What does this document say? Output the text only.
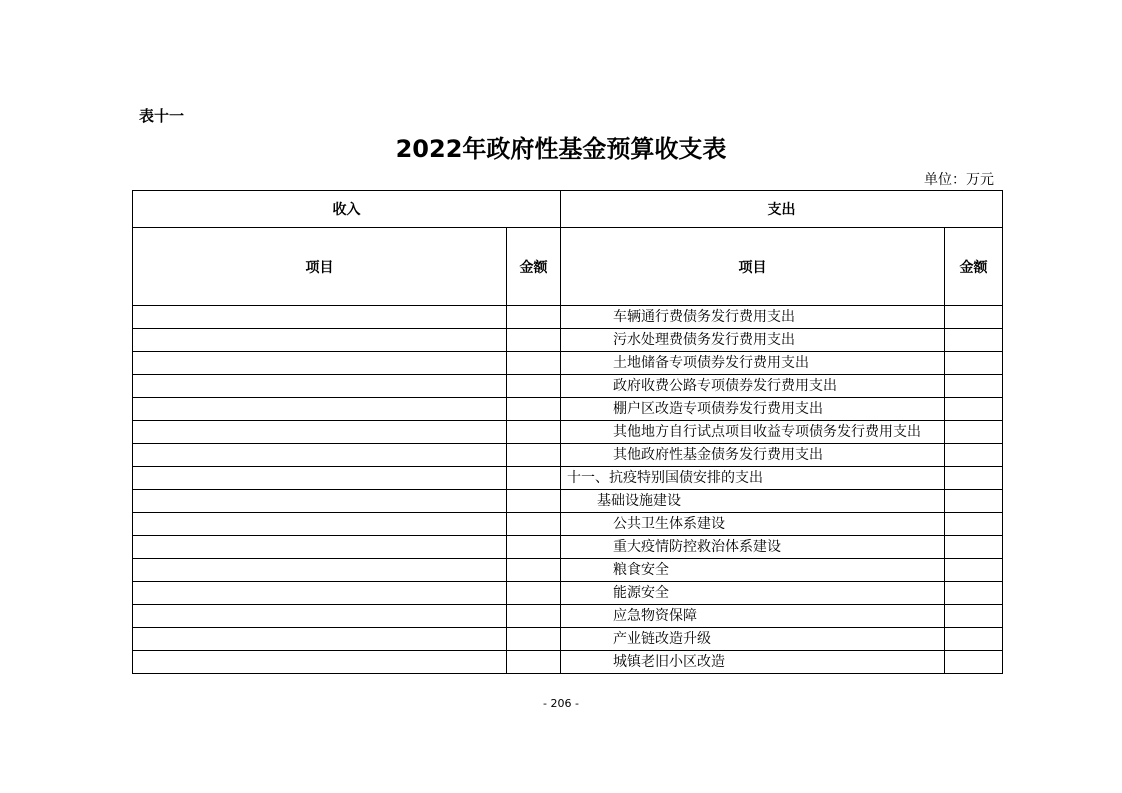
表十一
2022年政府性基金预算收支表
单位：万元
收入		支出	
项目	金额	项目	金额
		车辆通行费债务发行费用支出	
		污水处理费债务发行费用支出	
		土地储备专项债券发行费用支出	
		政府收费公路专项债券发行费用支出	
		棚户区改造专项债券发行费用支出	
		其他地方自行试点项目收益专项债务发行费用支出	
		其他政府性基金债务发行费用支出	
		十一、抗疫特别国债安排的支出	
		基础设施建设	
		公共卫生体系建设	
		重大疫情防控救治体系建设	
		粮食安全	
		能源安全	
		应急物资保障	
		产业链改造升级	
		城镇老旧小区改造	
- 206 -
